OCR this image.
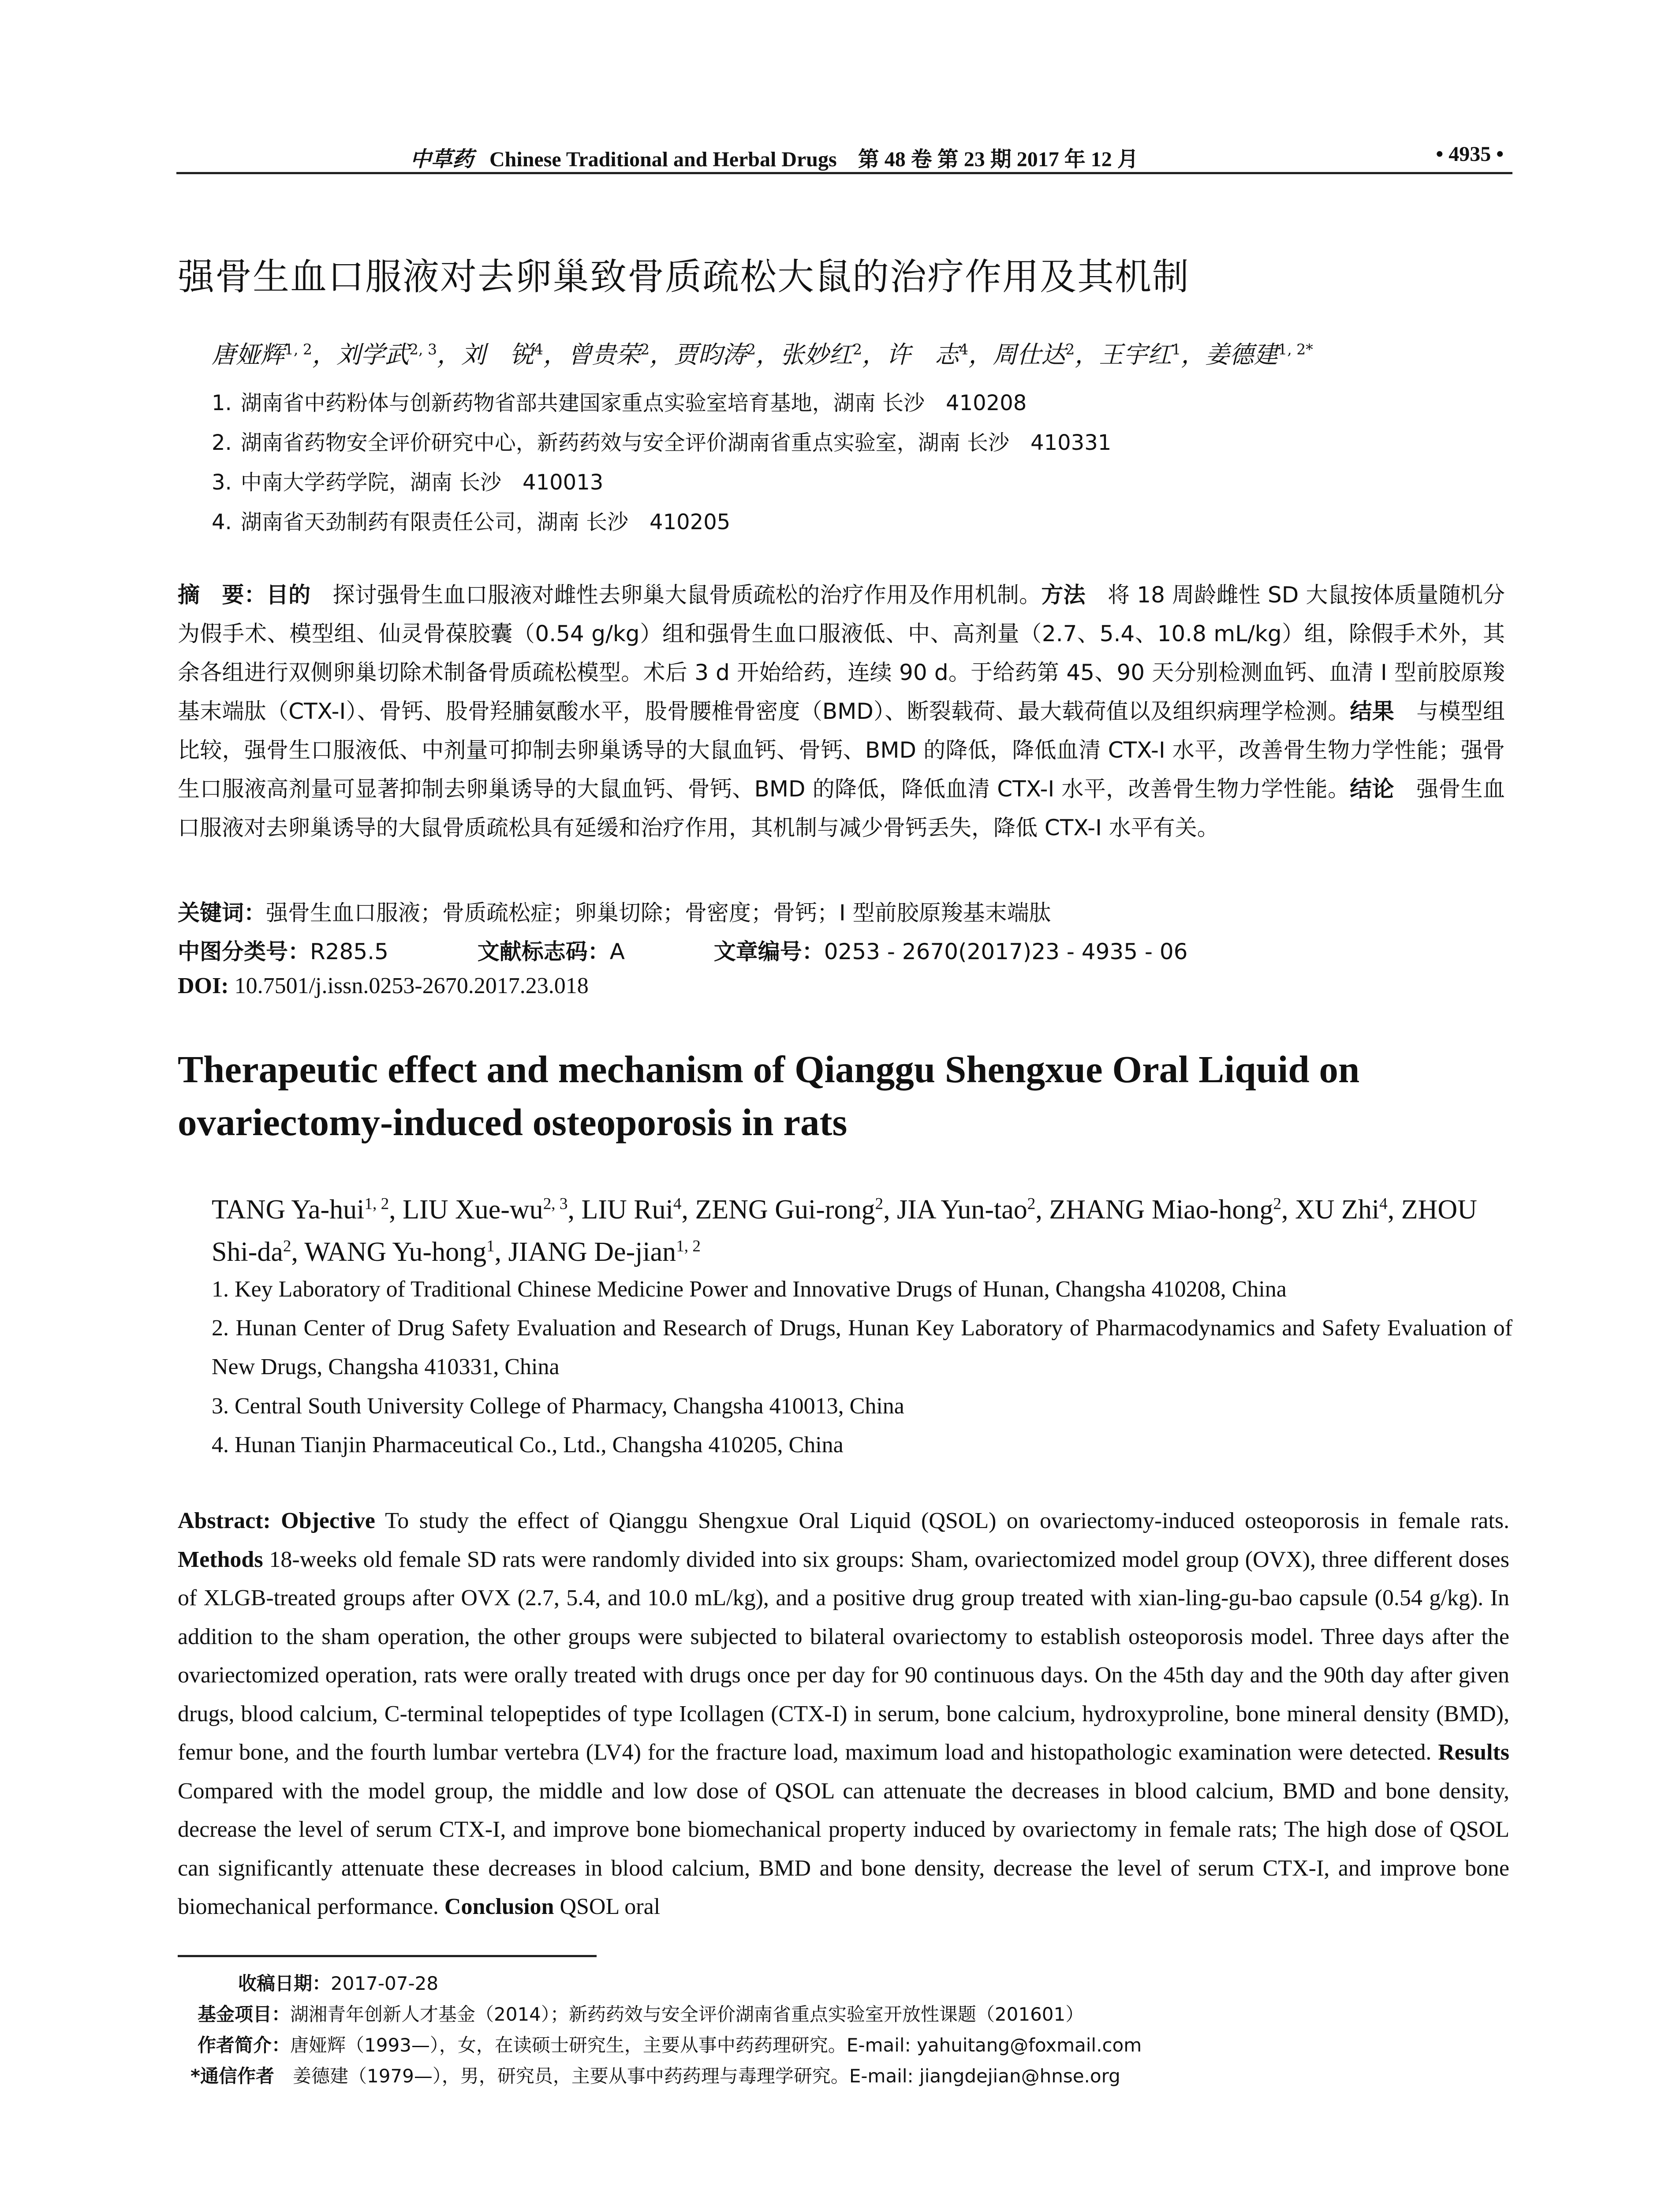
中草药 Chinese Traditional and Herbal Drugs 第 48 卷 第 23 期 2017 年 12 月	• 4935 •
强骨生血口服液对去卵巢致骨质疏松大鼠的治疗作用及其机制
唐娅辉$^{1, 2}$，刘学武$^{2, 3}$，刘　锐$^4$，曾贵荣$^2$，贾昀涛$^2$，张妙红$^2$，许　志$^4$，周仕达$^2$，王宇红$^1$，姜德建$^{1, 2*}$
1. 湖南省中药粉体与创新药物省部共建国家重点实验室培育基地，湖南 长沙　410208
2. 湖南省药物安全评价研究中心，新药药效与安全评价湖南省重点实验室，湖南 长沙　410331
3. 中南大学药学院，湖南 长沙　410013
4. 湖南省天劲制药有限责任公司，湖南 长沙　410205
摘　要：目的　探讨强骨生血口服液对雌性去卵巢大鼠骨质疏松的治疗作用及作用机制。方法　将 18 周龄雌性 SD 大鼠按体质量随机分为假手术、模型组、仙灵骨葆胶囊（0.54 g/kg）组和强骨生血口服液低、中、高剂量（2.7、5.4、10.8 mL/kg）组，除假手术外，其余各组进行双侧卵巢切除术制备骨质疏松模型。术后 3 d 开始给药，连续 90 d。于给药第 45、90 天分别检测血钙、血清 I 型前胶原羧基末端肽（CTX-I）、骨钙、股骨羟脯氨酸水平，股骨腰椎骨密度（BMD）、断裂载荷、最大载荷值以及组织病理学检测。结果　与模型组比较，强骨生口服液低、中剂量可抑制去卵巢诱导的大鼠血钙、骨钙、BMD 的降低，降低血清 CTX-I 水平，改善骨生物力学性能；强骨生口服液高剂量可显著抑制去卵巢诱导的大鼠血钙、骨钙、BMD 的降低，降低血清 CTX-I 水平，改善骨生物力学性能。结论　强骨生血口服液对去卵巢诱导的大鼠骨质疏松具有延缓和治疗作用，其机制与减少骨钙丢失，降低 CTX-I 水平有关。
关键词：强骨生血口服液；骨质疏松症；卵巢切除；骨密度；骨钙；I 型前胶原羧基末端肽
中图分类号：R285.5	文献标志码：A	文章编号：0253 - 2670(2017)23 - 4935 - 06
DOI: 10.7501/j.issn.0253-2670.2017.23.018
Therapeutic effect and mechanism of Qianggu Shengxue Oral Liquid on ovariectomy-induced osteoporosis in rats
TANG Ya-hui$^{1, 2}$, LIU Xue-wu$^{2, 3}$, LIU Rui$^4$, ZENG Gui-rong$^2$, JIA Yun-tao$^2$, ZHANG Miao-hong$^2$, XU Zhi$^4$, ZHOU Shi-$da^2$, WANG Yu-hong$^1$, JIANG De-jian$^{1, 2}$
1. Key Laboratory of Traditional Chinese Medicine Power and Innovative Drugs of Hunan, Changsha 410208, China
2. Hunan Center of Drug Safety Evaluation and Research of Drugs, Hunan Key Laboratory of Pharmacodynamics and Safety Evaluation of New Drugs, Changsha 410331, China
3. Central South University College of Pharmacy, Changsha 410013, China
4. Hunan Tianjin Pharmaceutical Co., Ltd., Changsha 410205, China
Abstract: Objective To study the effect of Qianggu Shengxue Oral Liquid (QSOL) on ovariectomy-induced osteoporosis in female rats. Methods 18-weeks old female SD rats were randomly divided into six groups: Sham, ovariectomized model group (OVX), three different doses of XLGB-treated groups after OVX (2.7, 5.4, and 10.0 mL/kg), and a positive drug group treated with xian-ling-gu-bao capsule (0.54 g/kg). In addition to the sham operation, the other groups were subjected to bilateral ovariectomy to establish osteoporosis model. Three days after the ovariectomized operation, rats were orally treated with drugs once per day for 90 continuous days. On the 45th day and the 90th day after given drugs, blood calcium, C-terminal telopeptides of type Icollagen (CTX-I) in serum, bone calcium, hydroxyproline, bone mineral density (BMD), femur bone, and the fourth lumbar vertebra (LV4) for the fracture load, maximum load and histopathologic examination were detected. Results Compared with the model group, the middle and low dose of QSOL can attenuate the decreases in blood calcium, BMD and bone density, decrease the level of serum CTX-I, and improve bone biomechanical property induced by ovariectomy in female rats; The high dose of QSOL can significantly attenuate these decreases in blood calcium, BMD and bone density, decrease the level of serum CTX-I, and improve bone biomechanical performance. Conclusion QSOL oral
收稿日期：2017-07-28
基金项目：湖湘青年创新人才基金（2014）；新药药效与安全评价湖南省重点实验室开放性课题（201601）
作者简介：唐娅辉（1993—），女，在读硕士研究生，主要从事中药药理研究。E-mail: yahuitang@foxmail.com
*通信作者　姜德建（1979—），男，研究员，主要从事中药药理与毒理学研究。E-mail: jiangdejian@hnse.org
